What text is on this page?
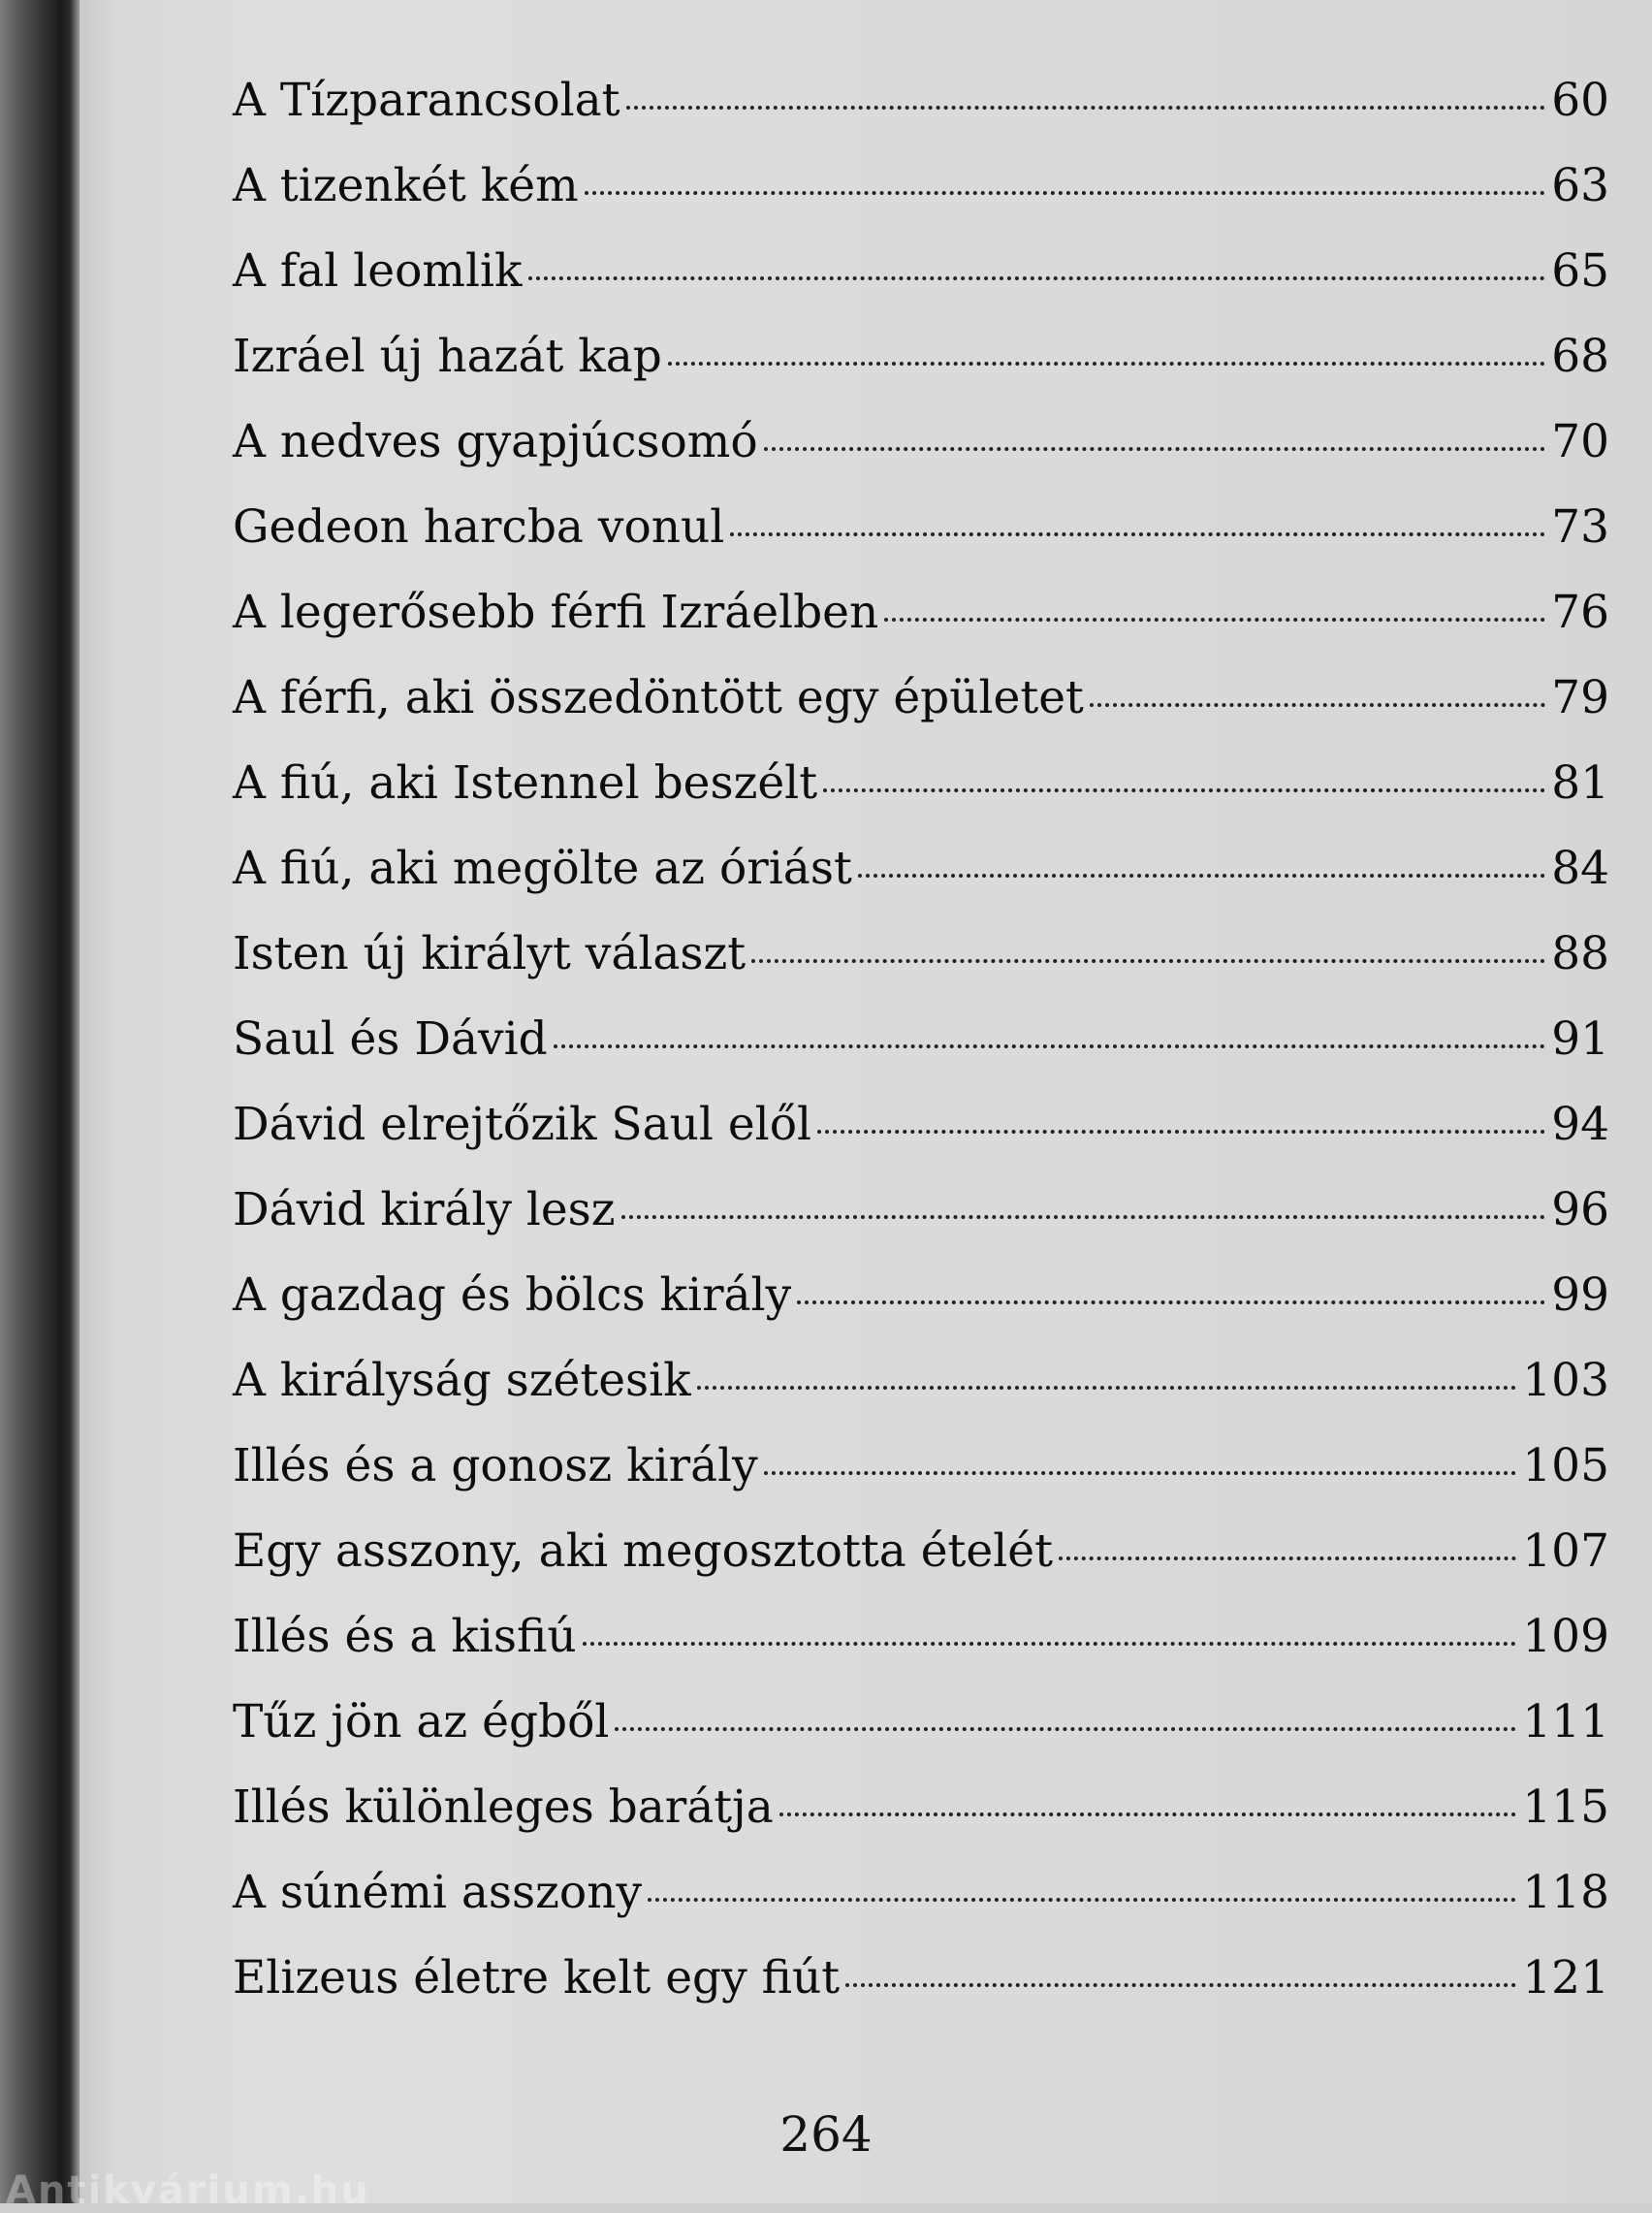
A Tízparancsolat	60
A tizenkét kém	63
A fal leomlik	65
Izráel új hazát kap	68
A nedves gyapjúcsomó	70
Gedeon harcba vonul	73
A legerősebb férfi Izráelben	76
A férfi, aki összedöntött egy épületet	79
A fiú, aki Istennel beszélt	81
A fiú, aki megölte az óriást	84
Isten új királyt választ	88
Saul és Dávid	91
Dávid elrejtőzik Saul elől	94
Dávid király lesz	96
A gazdag és bölcs király	99
A királyság szétesik	103
Illés és a gonosz király	105
Egy asszony, aki megosztotta ételét	107
Illés és a kisfiú	109
Tűz jön az égből	111
Illés különleges barátja	115
A súnémi asszony	118
Elizeus életre kelt egy fiút	121
264
Antikvárium.hu
